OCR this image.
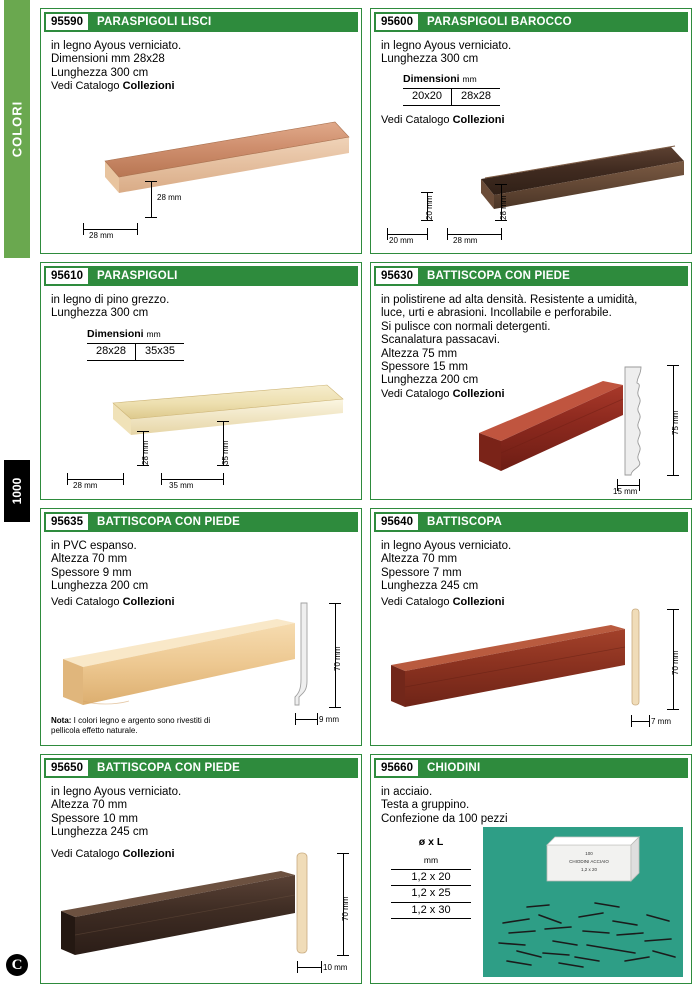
COLORI
1000
C
95590	PARASPIGOLI LISCI

in legno Ayous verniciato.

Dimensioni mm 28x28

Lunghezza 300 cm

Vedi Catalogo Collezioni

28 mm
28 mm
95600	PARASPIGOLI BAROCCO

in legno Ayous verniciato.

Lunghezza 300 cm

Dimensioni mm
20x20	28x28

Vedi Catalogo Collezioni

20 mm
20 mm
28 mm
28 mm
95610	PARASPIGOLI

in legno di pino grezzo.

Lunghezza 300 cm

Dimensioni mm
28x28	35x35
28 mm
28 mm
35 mm
35 mm
95630	BATTISCOPA CON PIEDE

in polistirene ad alta densità. Resistente a umidità,

luce, urti e abrasioni. Incollabile e perforabile.

Si pulisce con normali detergenti.

Scanalatura passacavi.

Altezza 75 mm

Spessore 15 mm

Lunghezza 200 cm

Vedi Catalogo Collezioni

75 mm
15 mm
95635	BATTISCOPA CON PIEDE

in PVC espanso.

Altezza 70 mm

Spessore 9 mm

Lunghezza 200 cm

Vedi Catalogo Collezioni

70 mm
9 mm
Nota: I colori legno e argento sono rivestiti di pellicola effetto naturale.
95640	BATTISCOPA

in legno Ayous verniciato.

Altezza 70 mm

Spessore 7 mm

Lunghezza 245 cm

Vedi Catalogo Collezioni

70 mm
7 mm
95650	BATTISCOPA CON PIEDE

in legno Ayous verniciato.

Altezza 70 mm

Spessore 10 mm

Lunghezza 245 cm

Vedi Catalogo Collezioni

70 mm
10 mm
95660	CHIODINI

in acciaio.

Testa a gruppino.

Confezione da 100 pezzi

ø x L
mm
1,2 x 20
1,2 x 25
1,2 x 30
100
CHIODINI ACCIAIO
1,2 x 20
